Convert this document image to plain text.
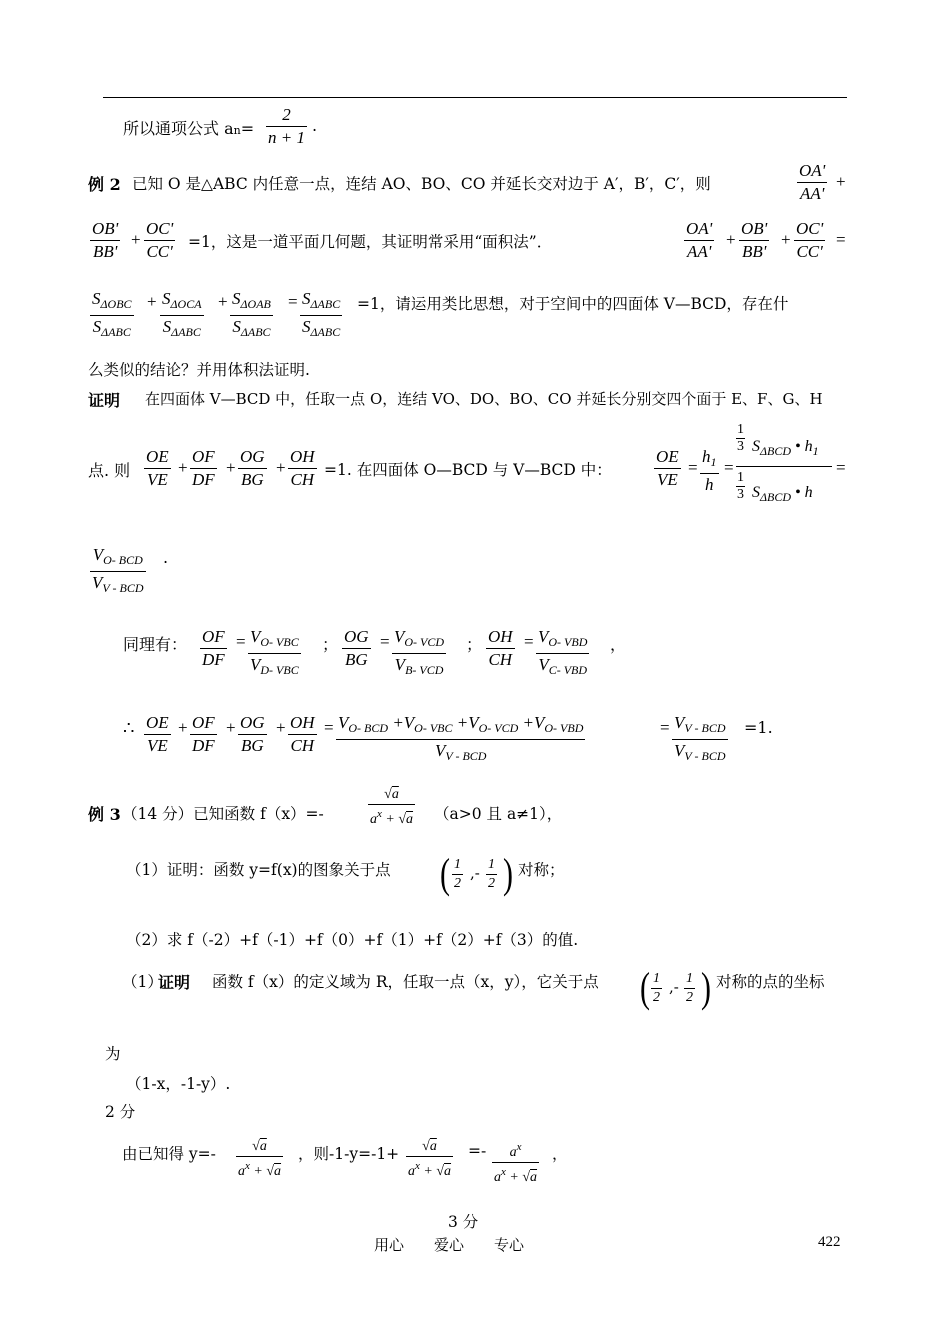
所以通项公式 $an= \frac{2}{n + 1}$ .
例 2 已知 O 是△ABC 内任意一点，连结 AO、BO、CO 并延长交对边于 A′，B′，C′，则	$\frac{OA'}{AA'}$ +
$\frac{OB'}{BB'} + \frac{OC'}{CC'} =1$，这是一道平面几何题，其证明常采用“面积法”．	$\frac{OA'}{AA'} + \frac{OB'}{BB'} + \frac{OC'}{CC'}$ =
$S_{\Delta OBC}$
$S_{\Delta ABC}$
+ $S_{\Delta OCA}$
$S_{\Delta ABC}$
+ $S_{\Delta OAB}$
$S_{\Delta ABC}$
= $S_{\Delta ABC}$
$S_{\Delta ABC}$
=1，请运用类比思想，对于空间中的四面体 V—BCD，存在什
么类似的结论？并用体积法证明.
证明 在四面体 V—BCD 中，任取一点 O，连结 VO、DO、BO、CO 并延长分别交四个面于 E、F、G、H
点. 则 $\frac{OE}{VE} + \frac{OF}{DF} + \frac{OG}{BG} + \frac{OH}{CH} =1$. 在四面体 O—BCD 与 V—BCD 中： $\frac{OE}{VE} = \frac{h_1}{h}$ =
1
3 $S_{\Delta BCD}$ • $h_1$
1
3 $S_{\Delta BCD}$ • h
=
$V_{O- BCD}$
$V_{V - BCD}$
.
同理有： $\frac{OF}{DF} = V_{O- VBC}$
$V_{D- VBC}$
； $\frac{OG}{BG} = V_{O- VCD}$
$V_{B- VCD}$
； $\frac{OH}{CH} = V_{O- VBD}$
$V_{C- VBD}$
，
∴ $\frac{OE}{VE} + \frac{OF}{DF} + \frac{OG}{BG} + \frac{OH}{CH} = V_{O- BCD} +V_{O- VBC} +V_{O- VCD} +V_{O- VBD}$
$V_{V - BCD}$
= $V_{V - BCD}$
$V_{V - BCD}$
=1.
例 3 （14 分）已知函数 f（x）=-	$\frac{√a}{a^x + √a} (a>0$ 且 a≠1），
（1）证明：函数 y=f(x)的图象关于点 ( $\frac{1}{2}$ ,- $\frac{1}{2}$ ) 对称；
（2）求 f（-2）+f（-1）+f（0）+f（1）+f（2）+f（3）的值.
（1）
证明 函数 f（x）的定义域为 R，任取一点（x，y），它关于点 ( $\frac{1}{2}$ ,- $\frac{1}{2}$ ) 对称的点的坐标
为
（1-x，-1-y）.
2 分
由已知得 $y=- \frac{√a}{a^x + √a}$ ，则$-1-y=-1+ \frac{√a}{a^x + √a} =- \frac{a^x}{a^x + √a}$ ，
3 分
用心　　爱心　　专心	422
